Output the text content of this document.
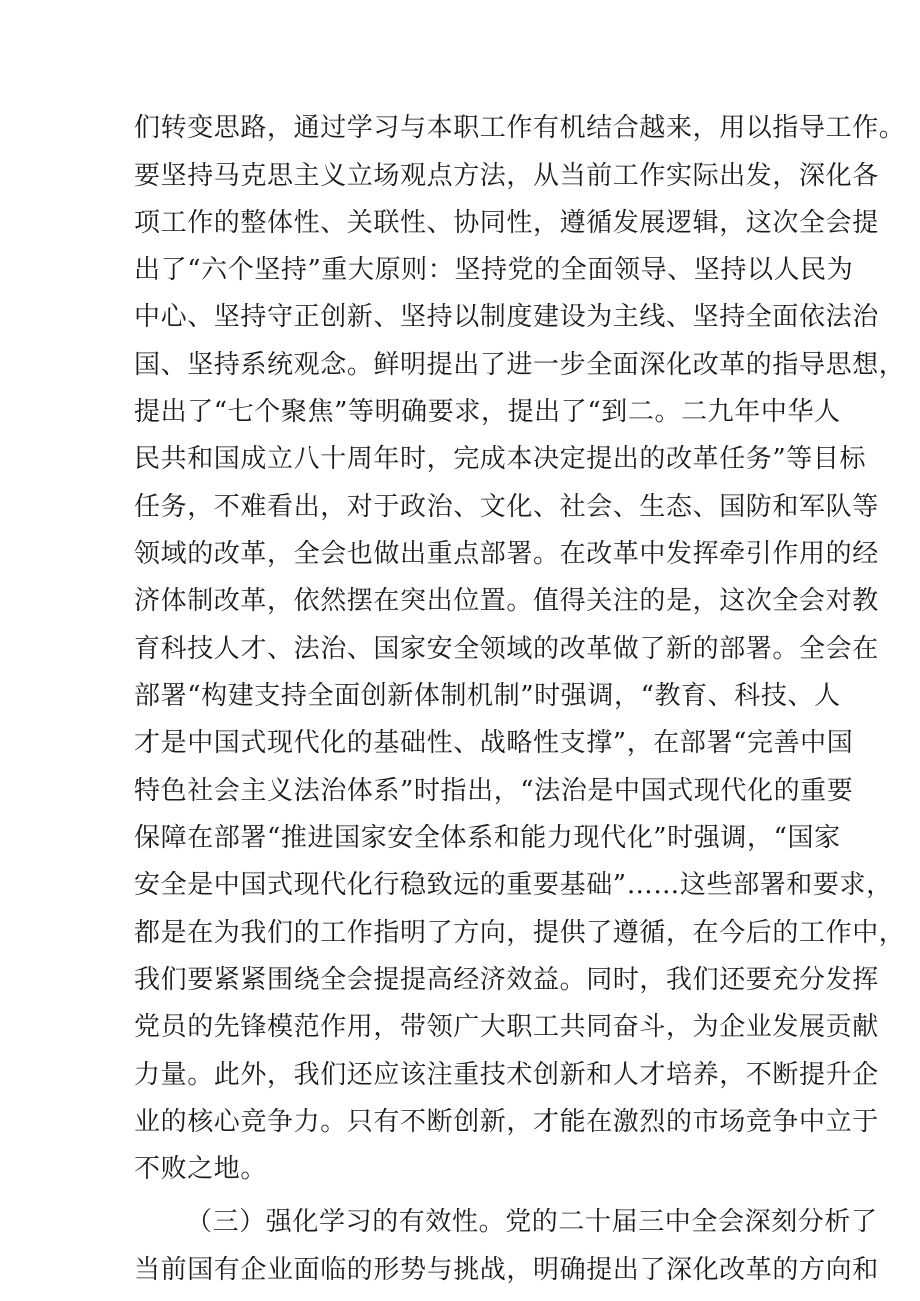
们转变思路，通过学习与本职工作有机结合越来，用以指导工作。
要坚持马克思主义立场观点方法，从当前工作实际出发，深化各
项工作的整体性、关联性、协同性，遵循发展逻辑，这次全会提
出了“六个坚持”重大原则：坚持党的全面领导、坚持以人民为
中心、坚持守正创新、坚持以制度建设为主线、坚持全面依法治
国、坚持系统观念。鲜明提出了进一步全面深化改革的指导思想，
提出了“七个聚焦”等明确要求，提出了“到二。二九年中华人
民共和国成立八十周年时，完成本决定提出的改革任务”等目标
任务，不难看出，对于政治、文化、社会、生态、国防和军队等
领域的改革，全会也做出重点部署。在改革中发挥牵引作用的经
济体制改革，依然摆在突出位置。值得关注的是，这次全会对教
育科技人才、法治、国家安全领域的改革做了新的部署。全会在
部署“构建支持全面创新体制机制”时强调，“教育、科技、人
才是中国式现代化的基础性、战略性支撑”，在部署“完善中国
特色社会主义法治体系”时指出，“法治是中国式现代化的重要
保障在部署“推进国家安全体系和能力现代化”时强调，“国家
安全是中国式现代化行稳致远的重要基础”……这些部署和要求，
都是在为我们的工作指明了方向，提供了遵循，在今后的工作中，
我们要紧紧围绕全会提提高经济效益。同时，我们还要充分发挥
党员的先锋模范作用，带领广大职工共同奋斗，为企业发展贡献
力量。此外，我们还应该注重技术创新和人才培养，不断提升企
业的核心竞争力。只有不断创新，才能在激烈的市场竞争中立于
不败之地。
（三）强化学习的有效性。党的二十届三中全会深刻分析了
当前国有企业面临的形势与挑战，明确提出了深化改革的方向和
